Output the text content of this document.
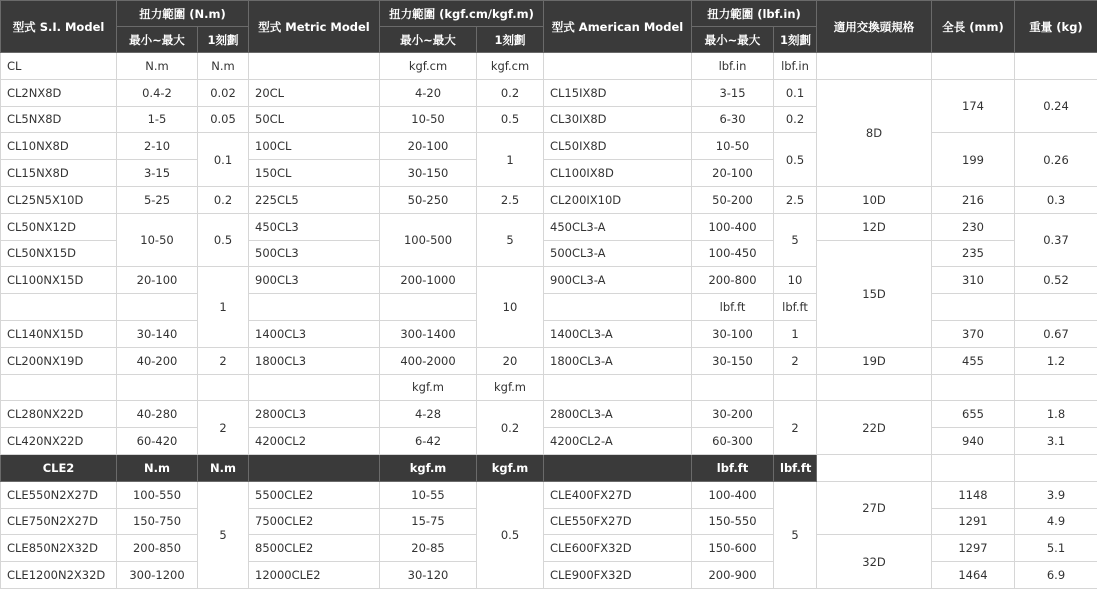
型式 S.I. Model	扭力範圍 (N.m)		型式 Metric Model	扭力範圍 (kgf.cm/kgf.m)		型式 American Model	扭力範圍 (lbf.in)		適用交換頭規格	全長 (mm)	重量 (kg)
	最小~最大	1刻劃		最小~最大	1刻劃		最小~最大	1刻劃			
CL	N.m	N.m		kgf.cm	kgf.cm		lbf.in	lbf.in			
CL2NX8D	0.4-2	0.02	20CL	4-20	0.2	CL15IX8D	3-15	0.1	8D	174	0.24
CL5NX8D	1-5	0.05	50CL	10-50	0.5	CL30IX8D	6-30	0.2			
CL10NX8D	2-10	0.1	100CL	20-100	1	CL50IX8D	10-50	0.5		199	0.26
CL15NX8D	3-15		150CL	30-150		CL100IX8D	20-100				
CL25N5X10D	5-25	0.2	225CL5	50-250	2.5	CL200IX10D	50-200	2.5	10D	216	0.3
CL50NX12D	10-50	0.5	450CL3	100-500	5	450CL3-A	100-400	5	12D	230	0.37
CL50NX15D			500CL3			500CL3-A	100-450		15D	235	
CL100NX15D	20-100	1	900CL3	200-1000	10	900CL3-A	200-800	10		310	0.52
							lbf.ft	lbf.ft			
CL140NX15D	30-140		1400CL3	300-1400		1400CL3-A	30-100	1		370	0.67
CL200NX19D	40-200	2	1800CL3	400-2000	20	1800CL3-A	30-150	2	19D	455	1.2
				kgf.m	kgf.m						
CL280NX22D	40-280	2	2800CL3	4-28	0.2	2800CL3-A	30-200	2	22D	655	1.8
CL420NX22D	60-420		4200CL2	6-42		4200CL2-A	60-300			940	3.1
CLE2	N.m	N.m		kgf.m	kgf.m		lbf.ft	lbf.ft			
CLE550N2X27D	100-550	5	5500CLE2	10-55	0.5	CLE400FX27D	100-400	5	27D	1148	3.9
CLE750N2X27D	150-750		7500CLE2	15-75		CLE550FX27D	150-550			1291	4.9
CLE850N2X32D	200-850		8500CLE2	20-85		CLE600FX32D	150-600		32D	1297	5.1
CLE1200N2X32D	300-1200		12000CLE2	30-120		CLE900FX32D	200-900			1464	6.9
